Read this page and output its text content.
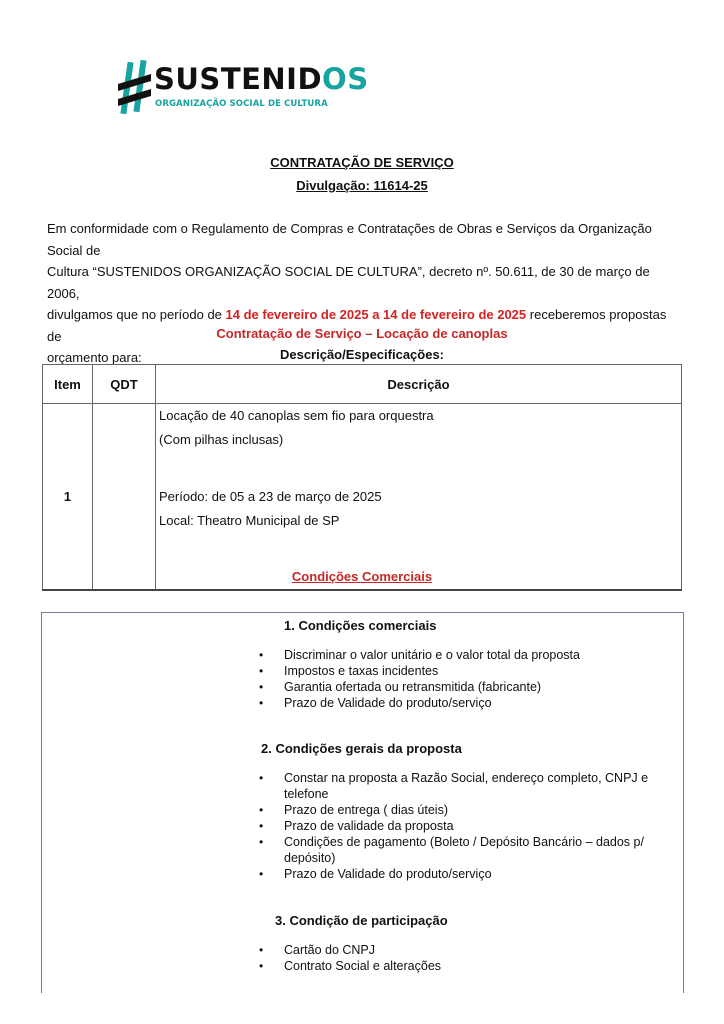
SUSTENIDOS
ORGANIZAÇÃO SOCIAL DE CULTURA
CONTRATAÇÃO DE SERVIÇO
Divulgação: 11614-25
Em conformidade com o Regulamento de Compras e Contratações de Obras e Serviços da Organização Social de
Cultura “SUSTENIDOS ORGANIZAÇÃO SOCIAL DE CULTURA”, decreto nº. 50.611, de 30 de março de 2006,
divulgamos que no período de 14 de fevereiro de 2025 a 14 de fevereiro de 2025 receberemos propostas de
orçamento para:
Contratação de Serviço – Locação de canoplas
Descrição/Especificações:
Item	QDT	Descrição
1		Locação de 40 canoplas sem fio para orquestra

(Com pilhas inclusas)

Período: de 05 a 23 de março de 2025

Local: Theatro Municipal de SP

Condições Comerciais
1. Condições comerciais
• Discriminar o valor unitário e o valor total da proposta
• Impostos e taxas incidentes
• Garantia ofertada ou retransmitida (fabricante)
• Prazo de Validade do produto/serviço
2. Condições gerais da proposta
• Constar na proposta a Razão Social, endereço completo, CNPJ e telefone
• Prazo de entrega ( dias úteis)
• Prazo de validade da proposta
• Condições de pagamento (Boleto / Depósito Bancário – dados p/ depósito)
• Prazo de Validade do produto/serviço
3. Condição de participação
• Cartão do CNPJ
• Contrato Social e alterações
